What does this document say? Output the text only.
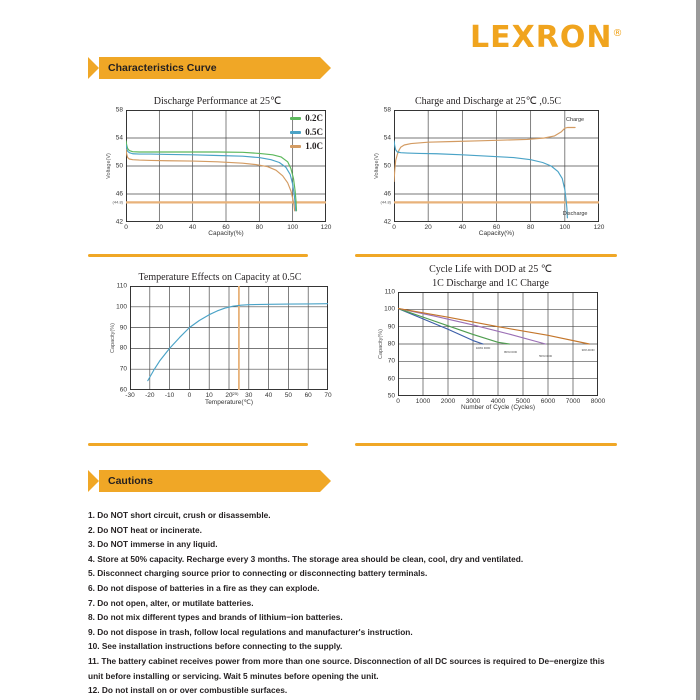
LEXRON®
Characteristics Curve
Discharge Performance at 25℃
Voltage(V)
0.2C
0.5C
1.0C
58
54
50
46
42
(44.8)
0	20	40	60	80	100	120
Capacity(%)
Charge and Discharge at 25℃ ,0.5C
Voltage(V)
58
54
50
46
42
(44.8)
0	20	40	60	80	100	120
Charge
Discharge
Capacity(%)
Temperature Effects on Capacity at 0.5C
Capacity(%)
110
100
90
80
70
60
-30 -20 -10 0 10 20 30 40 50 60 70
(25)
Temperature(℃)
Cycle Life with DOD at 25 ℃
1C Discharge and 1C Charge
Capacity(%)
110
100
90
80
70
60
50
0 1000 2000 3000 4000 5000 6000 7000 8000
100% DOD
80% DOD
50% DOD
30% DOD
Number of Cycle (Cycles)
Cautions
1. Do NOT short circuit, crush or disassemble.
2. Do NOT heat or incinerate.
3. Do NOT immerse in any liquid.
4. Store at 50% capacity. Recharge every 3 months. The storage area should be clean, cool, dry and ventilated.
5. Disconnect charging source prior to connecting or disconnecting battery terminals.
6. Do not dispose of batteries in a fire as they can explode.
7. Do not open, alter, or mutilate batteries.
8. Do not mix different types and brands of lithium−ion batteries.
9. Do not dispose in trash, follow local regulations and manufacturer's instruction.
10. See installation instructions before connecting to the supply.
11. The battery cabinet receives power from more than one source. Disconnection of all DC sources is required to De−energize this unit before installing or servicing. Wait 5 minutes before opening the unit.
12. Do not install on or over combustible surfaces.
